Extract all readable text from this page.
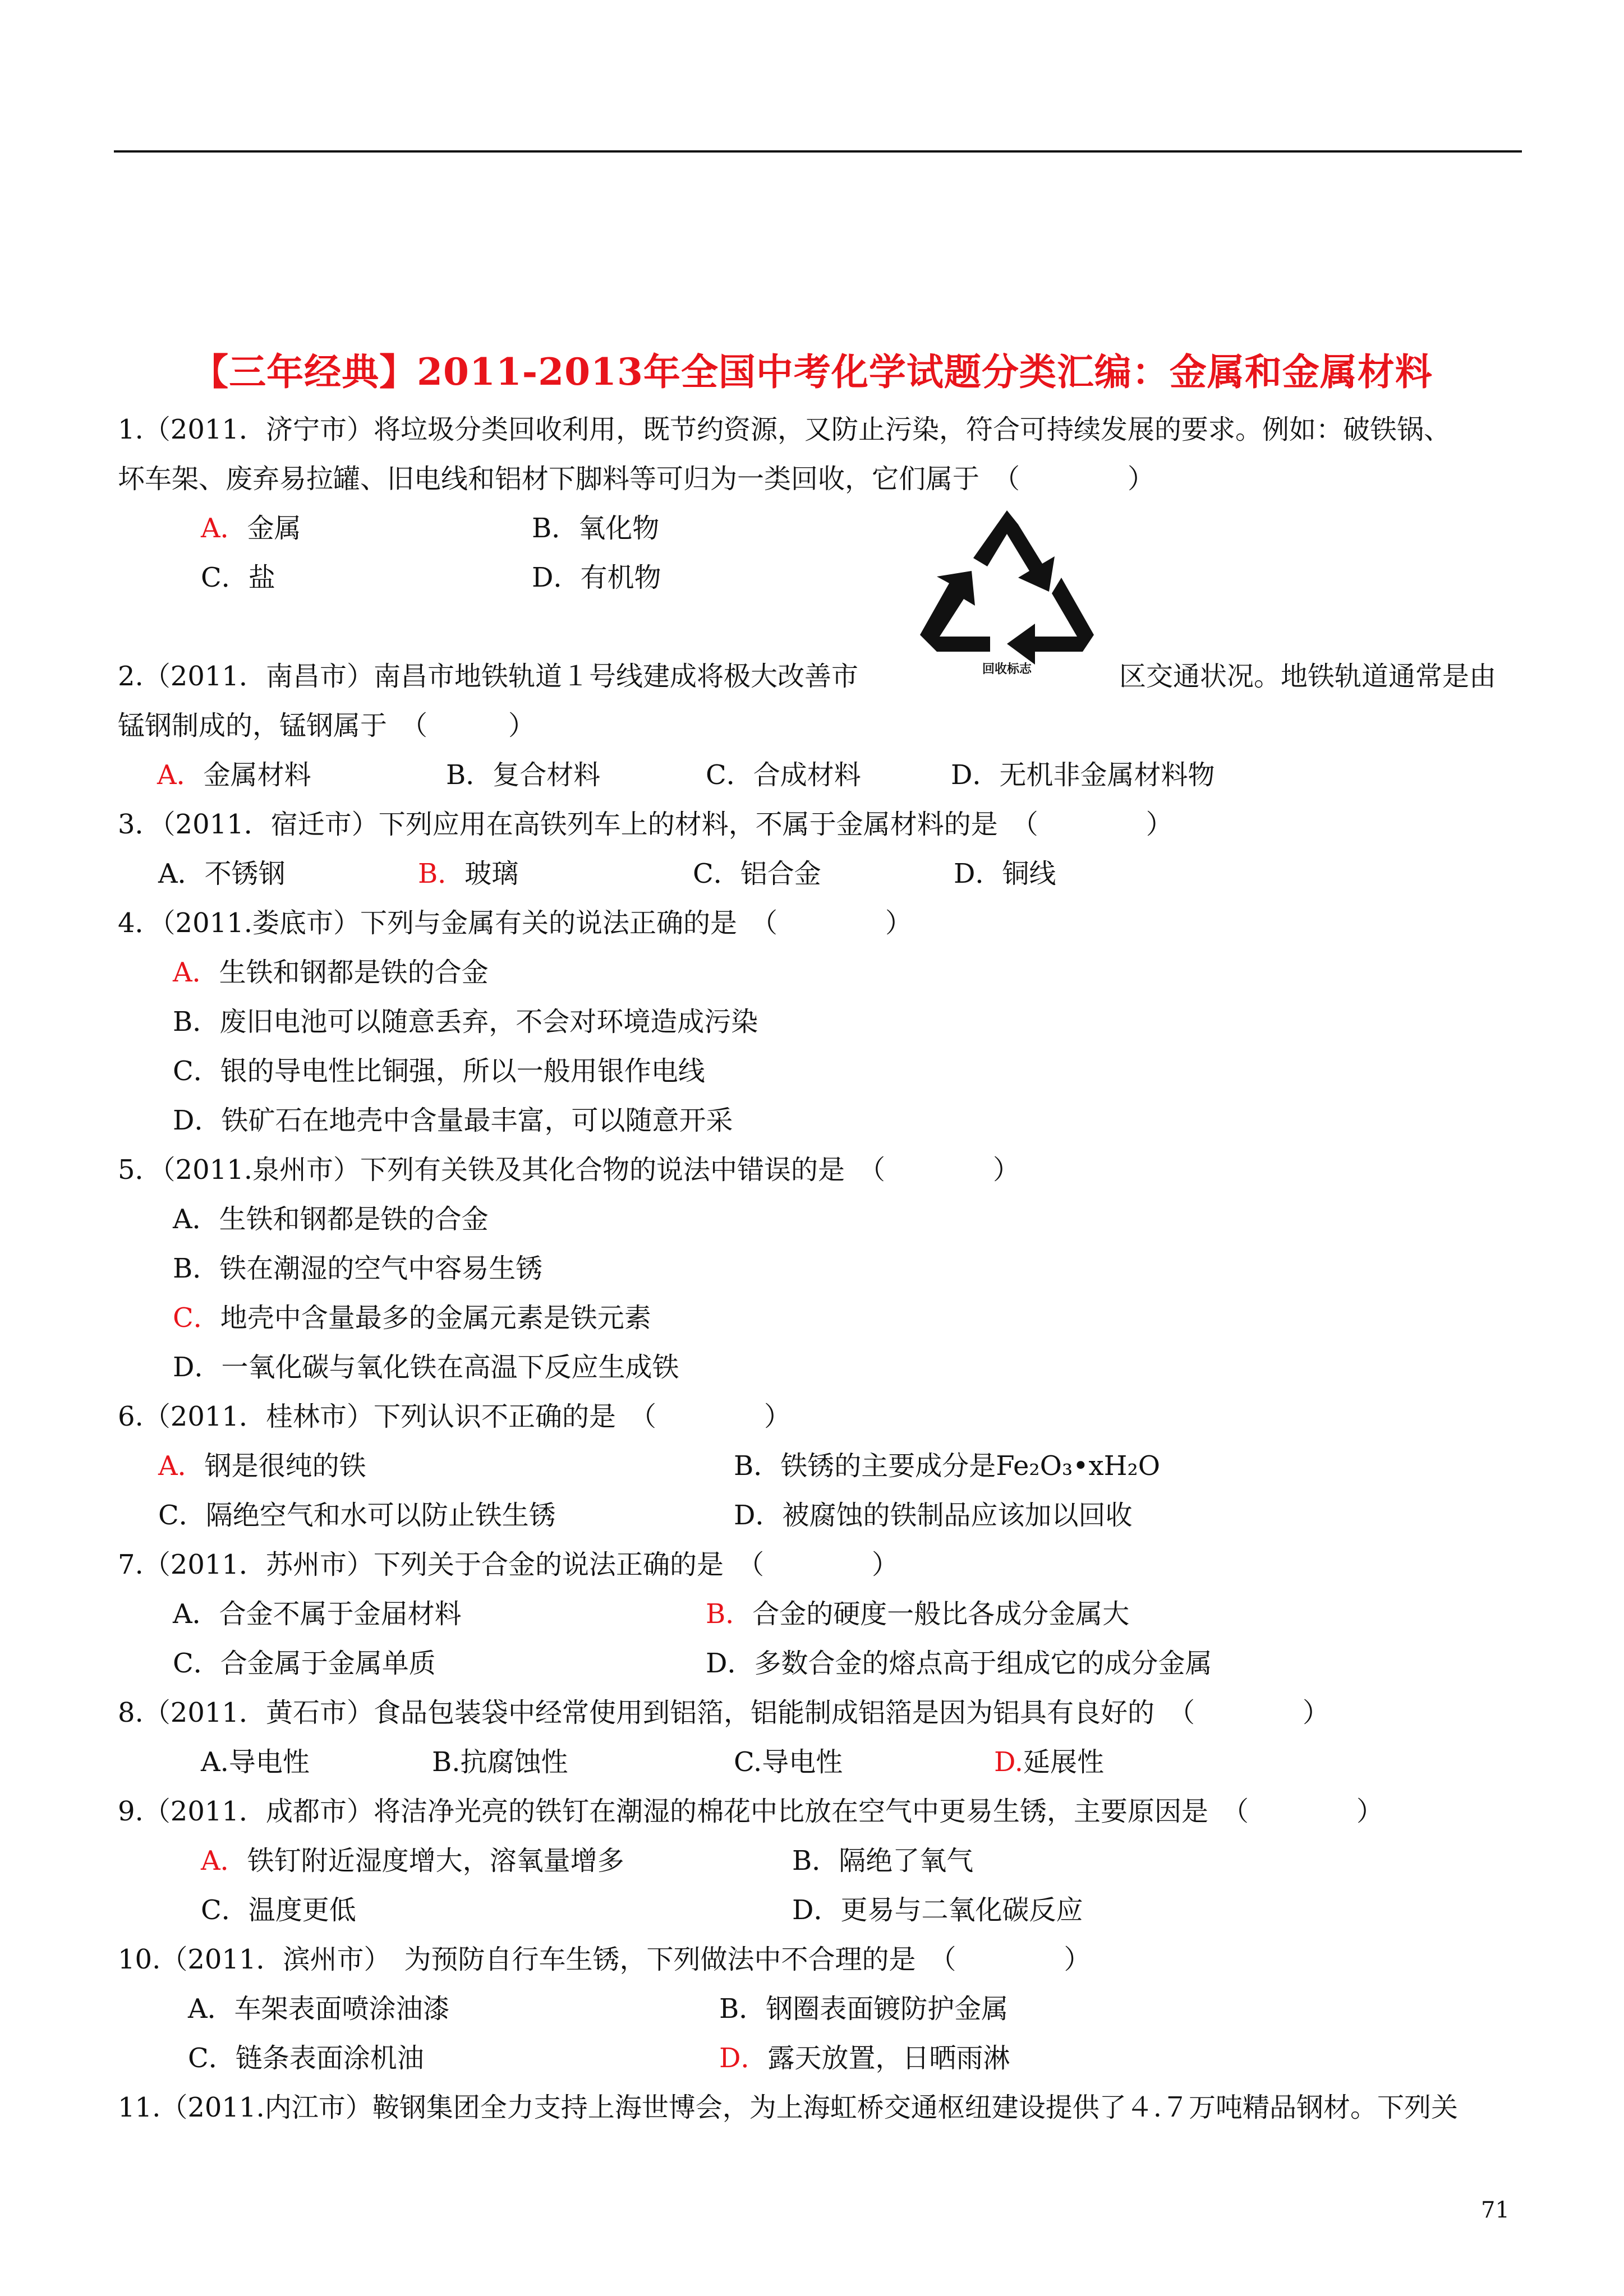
【三年经典】2011-2013年全国中考化学试题分类汇编：金属和金属材料
回收标志
1.（2011．济宁市）将垃圾分类回收利用，既节约资源，又防止污染，符合可持续发展的要求。例如：破铁锅、
坏车架、废弃易拉罐、旧电线和铝材下脚料等可归为一类回收，它们属于　（　　　　）
A．金属	B．氧化物
C．盐	D．有机物
2.（2011．南昌市）南昌市地铁轨道１号线建成将极大改善市	区交通状况。地铁轨道通常是由
锰钢制成的，锰钢属于　（　　　）
A．金属材料	B．复合材料	C．合成材料	D．无机非金属材料物
3．（2011．宿迁市）下列应用在高铁列车上的材料，不属于金属材料的是　（　　　　）
A．不锈钢	B．玻璃	C．铝合金	D．铜线
4．（2011.娄底市）下列与金属有关的说法正确的是　（　　　　）
A．生铁和钢都是铁的合金
B．废旧电池可以随意丢弃，不会对环境造成污染
C．银的导电性比铜强，所以一般用银作电线
D．铁矿石在地壳中含量最丰富，可以随意开采
5．（2011.泉州市）下列有关铁及其化合物的说法中错误的是　（　　　　）
A．生铁和钢都是铁的合金
B．铁在潮湿的空气中容易生锈
C．地壳中含量最多的金属元素是铁元素
D．一氧化碳与氧化铁在高温下反应生成铁
6.（2011．桂林市）下列认识不正确的是　（　　　　）
A．钢是很纯的铁	B．铁锈的主要成分是Fe₂O₃•xH₂O
C．隔绝空气和水可以防止铁生锈	D．被腐蚀的铁制品应该加以回收
7.（2011．苏州市）下列关于合金的说法正确的是　（　　　　）
A．合金不属于金届材料	B．合金的硬度一般比各成分金属大
C．合金属于金属单质	D．多数合金的熔点高于组成它的成分金属
8.（2011．黄石市）食品包装袋中经常使用到铝箔，铝能制成铝箔是因为铝具有良好的　（　　　　）
A.导电性	B.抗腐蚀性	C.导电性	D.延展性
9.（2011．成都市）将洁净光亮的铁钉在潮湿的棉花中比放在空气中更易生锈，主要原因是　（　　　　）
A．铁钉附近湿度增大，溶氧量增多	B．隔绝了氧气
C．温度更低	D．更易与二氧化碳反应
10.（2011．滨州市）　为预防自行车生锈，下列做法中不合理的是　（　　　　）
A．车架表面喷涂油漆	B．钢圈表面镀防护金属
C．链条表面涂机油	D．露天放置，日晒雨淋
11.（2011.内江市）鞍钢集团全力支持上海世博会，为上海虹桥交通枢纽建设提供了４.７万吨精品钢材。下列关
71
